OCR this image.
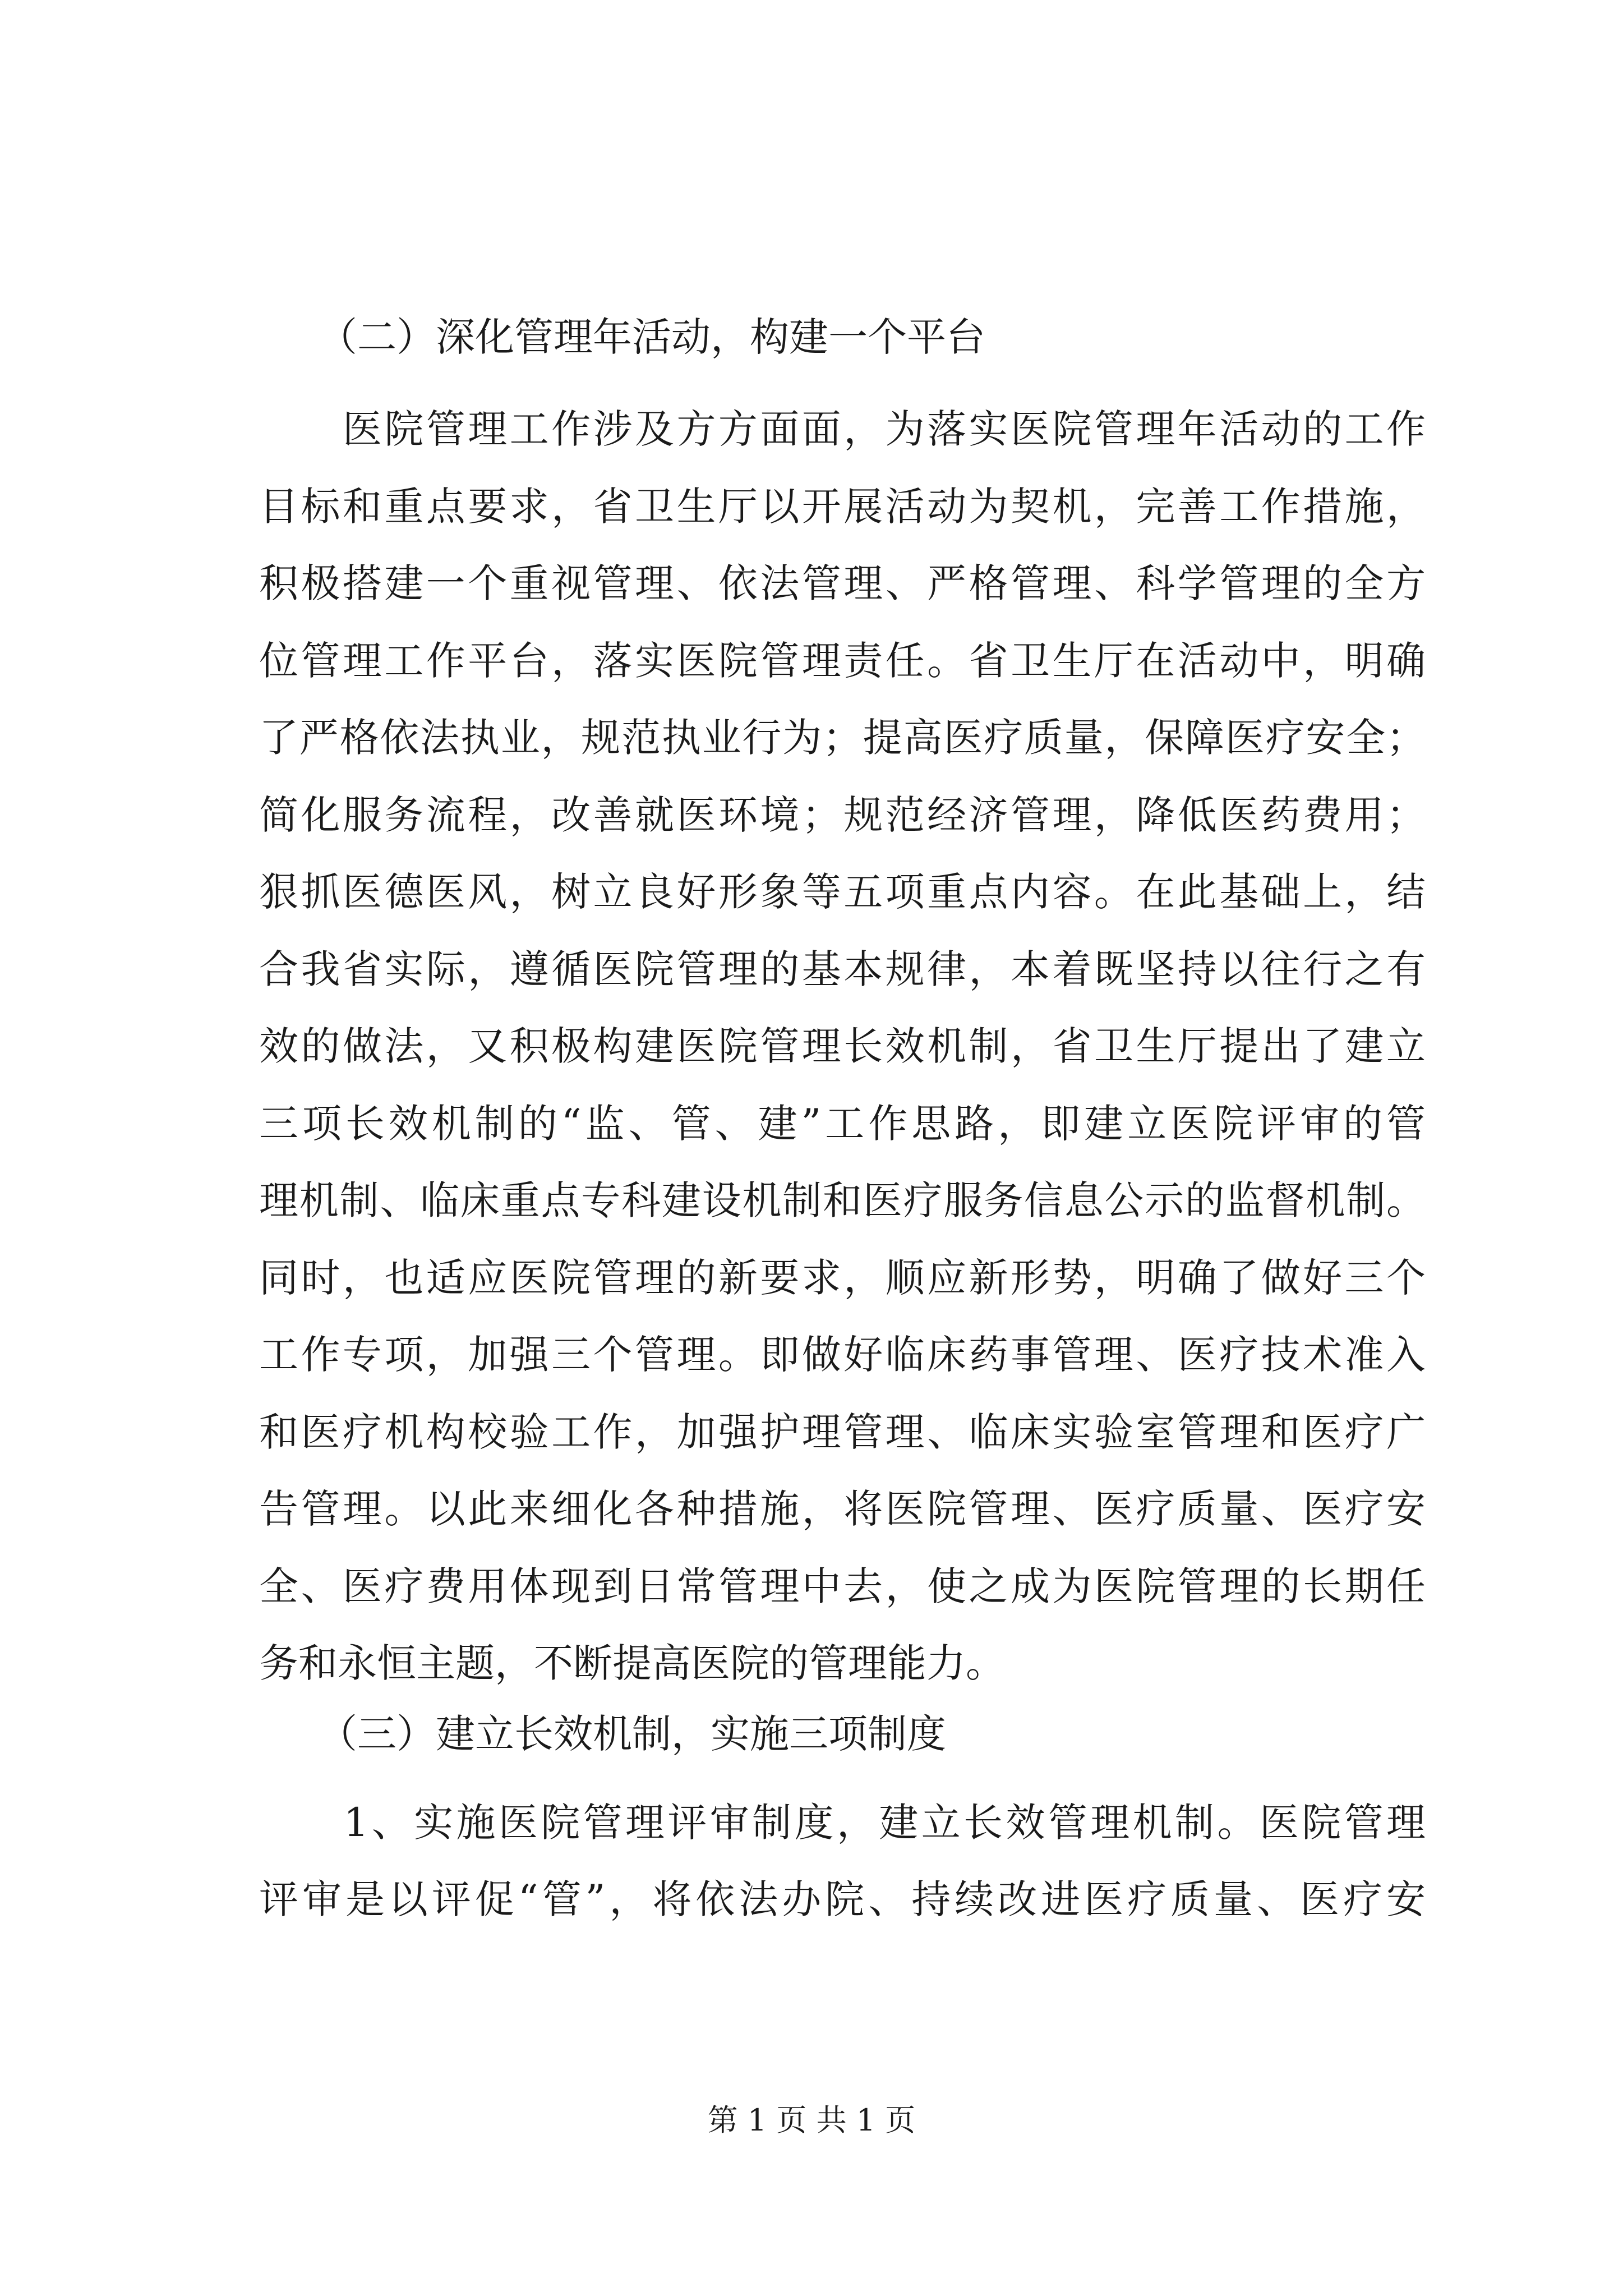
（二）深化管理年活动，构建一个平台

　　医院管理工作涉及方方面面，为落实医院管理年活动的工作
目标和重点要求，省卫生厅以开展活动为契机，完善工作措施，
积极搭建一个重视管理、依法管理、严格管理、科学管理的全方
位管理工作平台，落实医院管理责任。省卫生厅在活动中，明确
了严格依法执业，规范执业行为；提高医疗质量，保障医疗安全；
简化服务流程，改善就医环境；规范经济管理，降低医药费用；
狠抓医德医风，树立良好形象等五项重点内容。在此基础上，结
合我省实际，遵循医院管理的基本规律，本着既坚持以往行之有
效的做法，又积极构建医院管理长效机制，省卫生厅提出了建立
三项长效机制的“监、管、建”工作思路，即建立医院评审的管
理机制、临床重点专科建设机制和医疗服务信息公示的监督机制。
同时，也适应医院管理的新要求，顺应新形势，明确了做好三个
工作专项，加强三个管理。即做好临床药事管理、医疗技术准入
和医疗机构校验工作，加强护理管理、临床实验室管理和医疗广
告管理。以此来细化各种措施，将医院管理、医疗质量、医疗安
全、医疗费用体现到日常管理中去，使之成为医院管理的长期任
务和永恒主题，不断提高医院的管理能力。

（三）建立长效机制，实施三项制度

　　1、实施医院管理评审制度，建立长效管理机制。医院管理
评审是以评促“管”，将依法办院、持续改进医疗质量、医疗安
第 1 页 共 1 页
